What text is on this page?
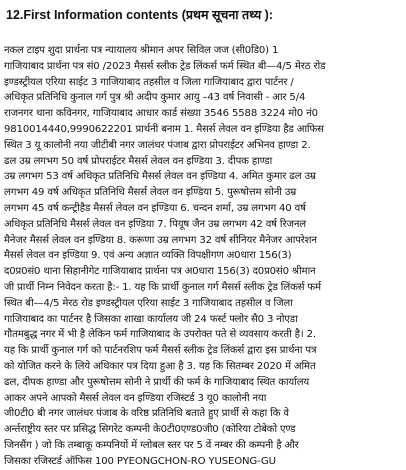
12.First Information contents (प्रथम सूचना तथ्य ):
नकल टाइप शुदा प्रार्थना पत्र न्यायालय श्रीमान अपर सिविल जज (सी0डि0) 1
गाजियाबाद प्रार्थना पत्र सं0 /2023 मैसर्स स्लीक ट्रेड लिंकर्स फर्म स्थित बी—4/5 मेरठ रोड
इण्डस्ट्रीयल एरिया साईट 3 गाजियाबाद तहसील व जिला गाजियाबाद द्वारा पार्टनर /
अधिकृत प्रतिनिधि कुनाल गर्ग पुत्र श्री अदीप कुमार आयु –43 वर्ष निवासी - आर 5/4
राजनगर थाना कविनगर, गाजियाबाद आधार कार्ड संख्या 3546 5588 3224 मो0 नं0
9810014440,9990622201 प्रार्थनी बनाम 1. मैसर्स लेवल वन इण्डिया हैड आफिस
स्थित 3 यू कालोनी नया जीटीबी नगर जालंधर पंजाब द्वारा प्रोपराईटर अभिनव हाण्डा 2.
ढल उम्र लगभग 50 वर्ष प्रोपराईटर मैसर्स लेवल वन इण्डिया 3. दीपक हाण्डा
उम्र लगभग 53 वर्ष अधिकृत प्रतिनिधि मैसर्स लेवल वन इण्डिया 4. अमित कुमार ढल उम्र
लगभग 49 वर्ष अधिकृत प्रतिनिधि मैसर्स लेवल वन इण्डिया 5. पुरूषोत्तम सोनी उम्र
लगभग 45 वर्ष कन्ट्रीहैड मैसर्स लेवल वन इण्डिया 6. चन्दन शर्मा, उम्र लगभग 40 वर्ष
अधिकृत प्रतिनिधि मैसर्स लेवल वन इण्डिया 7. पियूष जैन उम्र लगभग 42 वर्ष रिजनल
मैनेजर मैसर्स लेवल वन इण्डिया 8. करूणा उम्र लगभग 32 वर्ष सीनियर मैनेजर आपरेशन
मैसर्स लेवल वन इण्डिया 9. एवं अन्य अज्ञात व्यक्ति विपक्षीगण अ0धारा 156(3)
द0प्र0सं0 थाना सिहानीगेट गाजियाबाद प्रार्थना पत्र अ0धारा 156(3) द0प्र0सं0 श्रीमान
जी प्रार्थी निम्न निवेदन करता है:- 1. यह कि प्रार्थी कुनाल गर्ग मैसर्स स्लीक ट्रेड लिंकर्स फर्म
स्थित बी—4/5 मेरठ रोड इण्डस्ट्रीयल एरिया साईट 3 गाजियाबाद तहसील व जिला
गाजियाबाद का पार्टनर है जिसका शाखा कार्यालय जी 24 फर्स्ट फ्लोर सै0 3 नोएडा
गौतमबुद्ध नगर में भी है लेकिन फर्म गाजियाबाद के उपरोक्त पते से व्यवसाय करती है। 2.
यह कि प्रार्थी कुनाल गर्ग को पार्टनरशिप फर्म मैसर्स स्लीक ट्रेड लिंकर्स द्वारा इस प्रार्थना पत्र
को योजित करने के लिये अधिकार पत्र दिया हुआ है 3. यह कि सितम्बर 2020 में अमित
ढल, दीपक हाण्डा और पुरूषोत्तम सोनी ने प्रार्थी की फर्म के गाजियाबाद स्थित कार्यालय
आकर अपने आपको मैसर्स लेवल वन इण्डिया रजिस्टर्ड 3 यू0 कालोनी नया
जी0टी0 बी नगर जालंधर पंजाब के वरिष्ठ प्रतिनिधि बताते हुए प्रार्थी से कहा कि वे
अर्न्तराष्ट्रीय स्तर पर प्रसिद्ध सिगरेट कम्पनी के0टी0एण्ड0जी0 (कोरिया टोबेको एण्ड
जिनसैंग ) जो कि तम्बाकू कम्पनियों में ग्लोबल स्तर पर 5 वें नम्बर की कम्पनी है और
जिसका रजिस्टर्ड ऑफिस 100 PYEONGCHON-RO YUSEONG-GU
